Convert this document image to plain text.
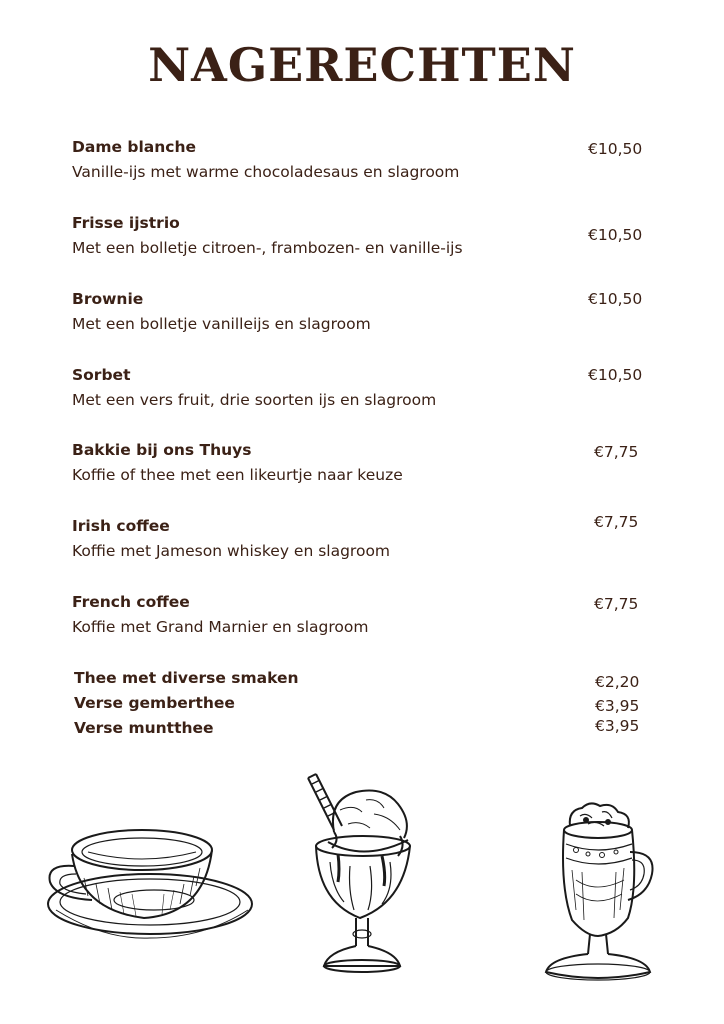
NAGERECHTEN
Dame blanche
Vanille-ijs met warme chocoladesaus en slagroom
€10,50
Frisse ijstrio
Met een bolletje citroen-, frambozen- en vanille-ijs
€10,50
Brownie
Met een bolletje vanilleijs en slagroom
€10,50
Sorbet
Met een vers fruit, drie soorten ijs en slagroom
€10,50
Bakkie bij ons Thuys
Koffie of thee met een likeurtje naar keuze
€7,75
Irish coffee
Koffie met Jameson whiskey en slagroom
€7,75
French coffee
Koffie met Grand Marnier en slagroom
€7,75
Thee met diverse smaken	€2,20
Verse gemberthee	€3,95
Verse muntthee	€3,95
